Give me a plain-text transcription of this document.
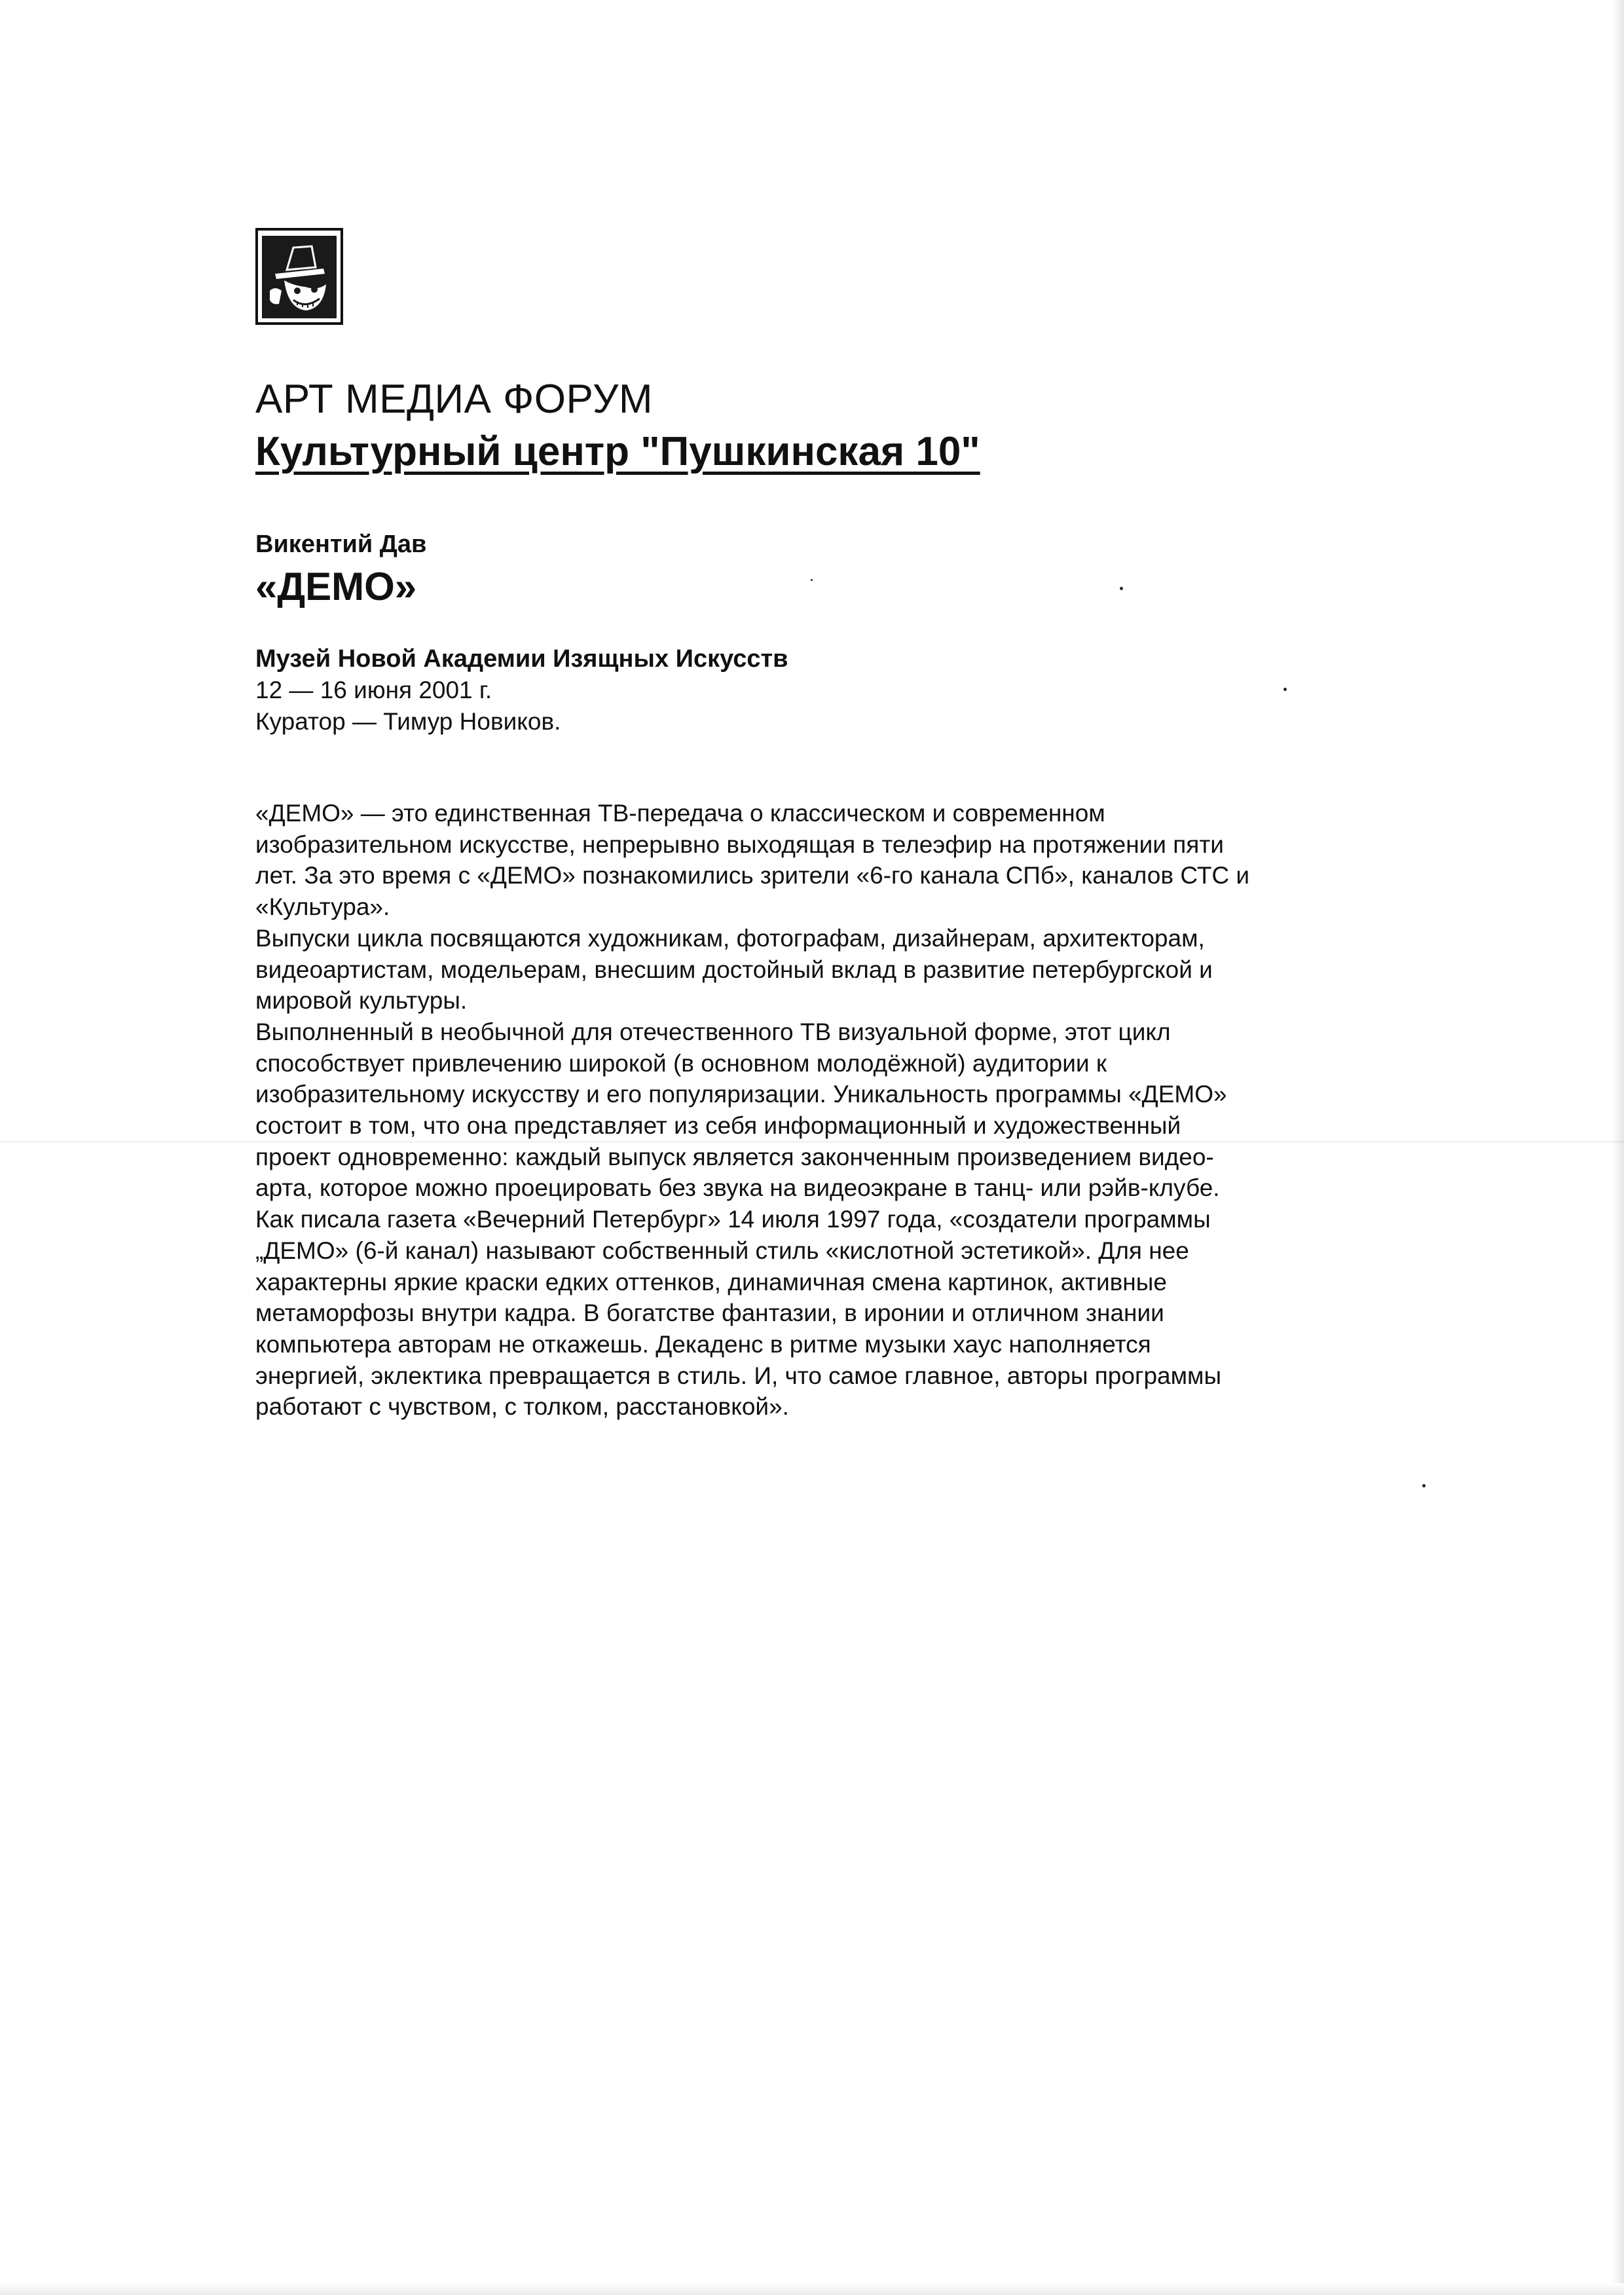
АРТ МЕДИА ФОРУМ
Культурный центр "Пушкинская 10"
Викентий Дав
«ДЕМО»
Музей Новой Академии Изящных Искусств
12 — 16 июня 2001 г.
Куратор — Тимур Новиков.
«ДЕМО» — это единственная ТВ-передача о классическом и современном
изобразительном искусстве, непрерывно выходящая в телеэфир на протяжении пяти
лет. За это время с «ДЕМО» познакомились зрители «6-го канала СПб», каналов СТС и
«Культура».
Выпуски цикла посвящаются художникам, фотографам, дизайнерам, архитекторам,
видеоартистам, модельерам, внесшим достойный вклад в развитие петербургской и
мировой культуры.
Выполненный в необычной для отечественного ТВ визуальной форме, этот цикл
способствует привлечению широкой (в основном молодёжной) аудитории к
изобразительному искусству и его популяризации. Уникальность программы «ДЕМО»
состоит в том, что она представляет из себя информационный и художественный
проект одновременно: каждый выпуск является законченным произведением видео-
арта, которое можно проецировать без звука на видеоэкране в танц- или рэйв-клубе.
Как писала газета «Вечерний Петербург» 14 июля 1997 года, «создатели программы
„ДЕМО» (6-й канал) называют собственный стиль «кислотной эстетикой». Для нее
характерны яркие краски едких оттенков, динамичная смена картинок, активные
метаморфозы внутри кадра. В богатстве фантазии, в иронии и отличном знании
компьютера авторам не откажешь. Декаденс в ритме музыки хаус наполняется
энергией, эклектика превращается в стиль. И, что самое главное, авторы программы
работают с чувством, с толком, расстановкой».
